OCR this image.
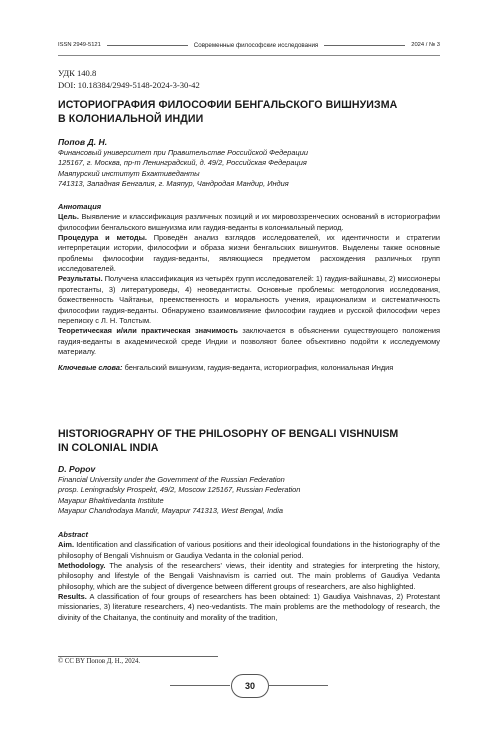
ISSN 2949-5121	Современные философские исследования	2024 / № 3
УДК 140.8
DOI: 10.18384/2949-5148-2024-3-30-42
ИСТОРИОГРАФИЯ ФИЛОСОФИИ БЕНГАЛЬСКОГО ВИШНУИЗМА
В КОЛОНИАЛЬНОЙ ИНДИИ
Попов Д. Н.
Финансовый университет при Правительстве Российской Федерации
125167, г. Москва, пр-т Ленинградский, д. 49/2, Российская Федерация
Маяпурский институт Бхактиведанты
741313, Западная Бенгалия, г. Маяпур, Чандродая Мандир, Индия
Аннотация

Цель. Выявление и классификация различных позиций и их мировоззренческих оснований в историографии философии бенгальского вишнуизма или гаудия-веданты в колониальный период.

Процедура и методы. Проведён анализ взглядов исследователей, их идентичности и стратегии интерпретации истории, философии и образа жизни бенгальских вишнуитов. Выделены также основные проблемы философии гаудия-веданты, являющиеся предметом расхождения различных групп исследователей.

Результаты. Получена классификация из четырёх групп исследователей: 1) гаудия-вайшнавы, 2) миссионеры протестанты, 3) литературоведы, 4) неоведантисты. Основные проблемы: методология исследования, божественность Чайтаньи, преемственность и моральность учения, ирационализм и систематичность философии гаудия-веданты. Обнаружено взаимовлияние философии гаудиев и русской философии через переписку с Л. Н. Толстым.

Теоретическая и/или практическая значимость заключается в объяснении существующего положения гаудия-веданты в академической среде Индии и позволяют более объективно подойти к исследуемому материалу.

Ключевые слова: бенгальский вишнуизм, гаудия-веданта, историография, колониальная Индия
HISTORIOGRAPHY OF THE PHILOSOPHY OF BENGALI VISHNUISM
IN COLONIAL INDIA
D. Popov
Financial University under the Government of the Russian Federation
prosp. Leningradsky Prospekt, 49/2, Moscow 125167, Russian Federation
Mayapur Bhaktivedanta Institute
Mayapur Chandrodaya Mandir, Mayapur 741313, West Bengal, India
Abstract

Aim. Identification and classification of various positions and their ideological foundations in the historiography of the philosophy of Bengali Vishnuism or Gaudiya Vedanta in the colonial period.

Methodology. The analysis of the researchers’ views, their identity and strategies for interpreting the history, philosophy and lifestyle of the Bengali Vaishnavism is carried out. The main problems of Gaudiya Vedanta philosophy, which are the subject of divergence between different groups of researchers, are also highlighted.

Results. A classification of four groups of researchers has been obtained: 1) Gaudiya Vaishnavas, 2) Protestant missionaries, 3) literature researchers, 4) neo-vedantists. The main problems are the methodology of research, the divinity of the Chaitanya, the continuity and morality of the tradition,

© CC BY Попов Д. Н., 2024.
30
